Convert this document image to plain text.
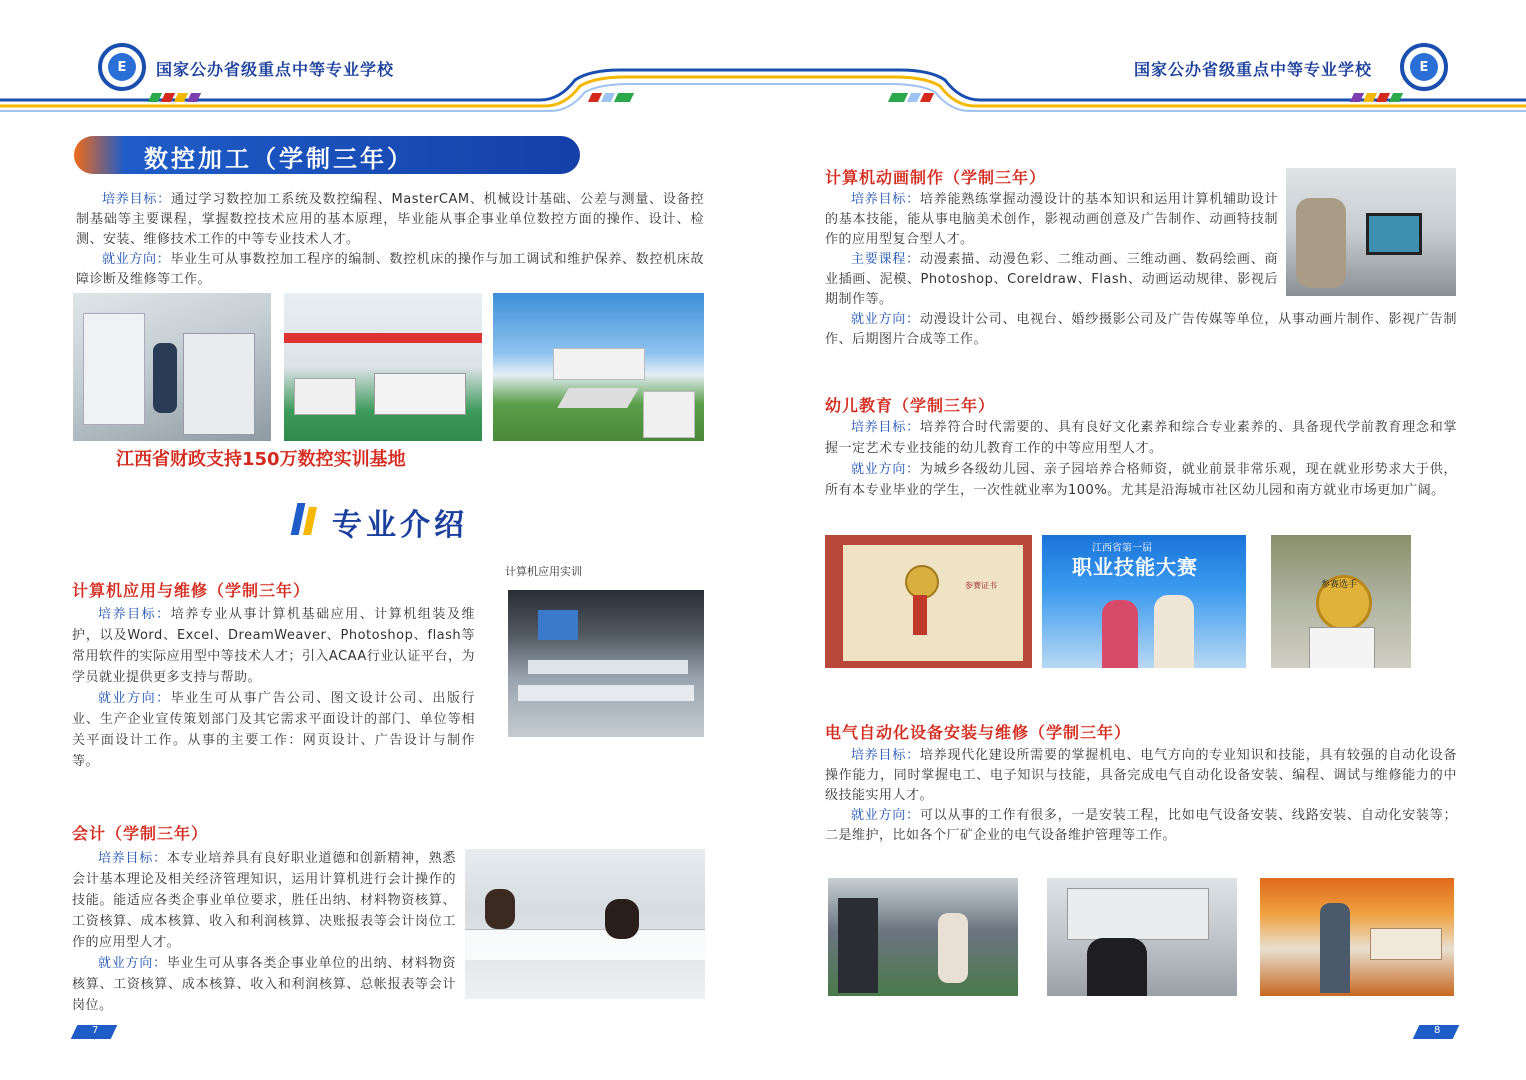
E	国家公办省级重点中等专业学校	国家公办省级重点中等专业学校	E
数控加工（学制三年）

培养目标：通过学习数控加工系统及数控编程、MasterCAM、机械设计基础、公差与测量、设备控制基础等主要课程，掌握数控技术应用的基本原理，毕业能从事企事业单位数控方面的操作、设计、检测、安装、维修技术工作的中等专业技术人才。

就业方向：毕业生可从事数控加工程序的编制、数控机床的操作与加工调试和维护保养、数控机床故障诊断及维修等工作。

江西省财政支持150万数控实训基地
专业介绍
计算机应用与维修（学制三年）
计算机应用实训

培养目标：培养专业从事计算机基础应用、计算机组装及维护，以及Word、Excel、DreamWeaver、Photoshop、flash等常用软件的实际应用型中等技术人才；引入ACAA行业认证平台，为学员就业提供更多支持与帮助。

就业方向：毕业生可从事广告公司、图文设计公司、出版行业、生产企业宣传策划部门及其它需求平面设计的部门、单位等相关平面设计工作。从事的主要工作：网页设计、广告设计与制作等。

会计（学制三年）

培养目标：本专业培养具有良好职业道德和创新精神，熟悉会计基本理论及相关经济管理知识，运用计算机进行会计操作的技能。能适应各类企事业单位要求，胜任出纳、材料物资核算、工资核算、成本核算、收入和利润核算、决账报表等会计岗位工作的应用型人才。

就业方向：毕业生可从事各类企事业单位的出纳、材料物资核算、工资核算、成本核算、收入和利润核算、总帐报表等会计岗位。

7
计算机动画制作（学制三年）

培养目标：培养能熟练掌握动漫设计的基本知识和运用计算机辅助设计的基本技能，能从事电脑美术创作，影视动画创意及广告制作、动画特技制作的应用型复合型人才。

主要课程：动漫素描、动漫色彩、二维动画、三维动画、数码绘画、商业插画、泥模、Photoshop、Coreldraw、Flash、动画运动规律、影视后期制作等。

就业方向：动漫设计公司、电视台、婚纱摄影公司及广告传媒等单位，从事动画片制作、影视广告制作、后期图片合成等工作。

幼儿教育（学制三年）

培养目标：培养符合时代需要的、具有良好文化素养和综合专业素养的、具备现代学前教育理念和掌握一定艺术专业技能的幼儿教育工作的中等应用型人才。

就业方向：为城乡各级幼儿园、亲子园培养合格师资，就业前景非常乐观，现在就业形势求大于供，所有本专业毕业的学生，一次性就业率为100%。尤其是沿海城市社区幼儿园和南方就业市场更加广阔。

参赛证书
江西省第一届
职业技能大赛
参赛选手
电气自动化设备安装与维修（学制三年）

培养目标：培养现代化建设所需要的掌握机电、电气方向的专业知识和技能，具有较强的自动化设备操作能力，同时掌握电工、电子知识与技能，具备完成电气自动化设备安装、编程、调试与维修能力的中级技能实用人才。

就业方向：可以从事的工作有很多，一是安装工程，比如电气设备安装、线路安装、自动化安装等；二是维护，比如各个厂矿企业的电气设备维护管理等工作。

8
